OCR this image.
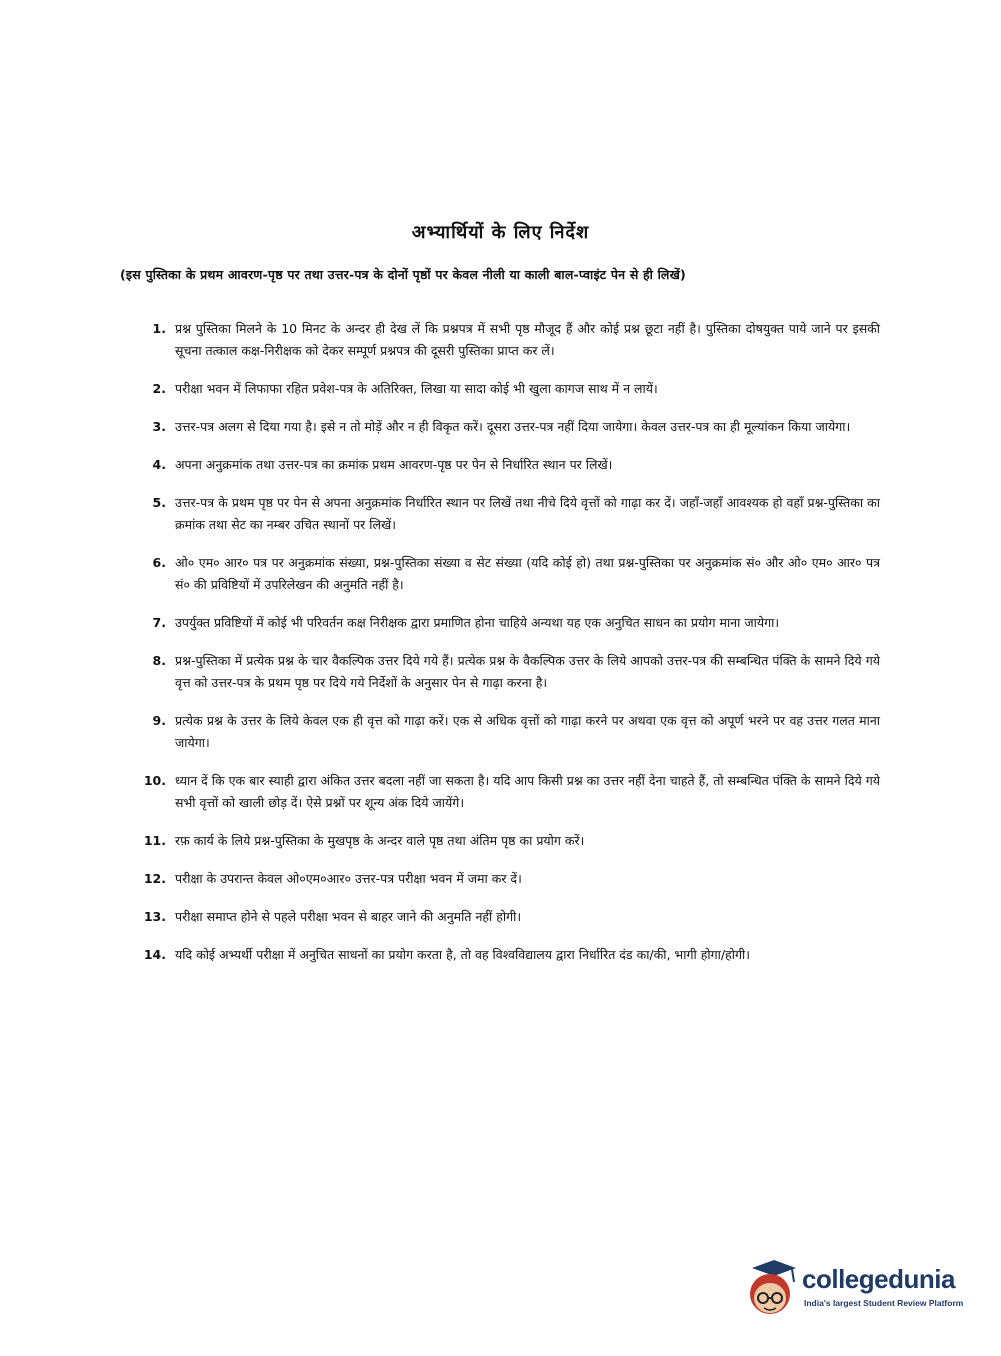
अभ्यार्थियों के लिए निर्देश
(इस पुस्तिका के प्रथम आवरण-पृष्ठ पर तथा उत्तर-पत्र के दोनों पृष्ठों पर केवल नीली या काली बाल-प्वाइंट पेन से ही लिखें)
1. प्रश्न पुस्तिका मिलने के 10 मिनट के अन्दर ही देख लें कि प्रश्नपत्र में सभी पृष्ठ मौजूद हैं और कोई प्रश्न छूटा नहीं है। पुस्तिका दोषयुक्त पाये जाने पर इसकी सूचना तत्काल कक्ष-निरीक्षक को देकर सम्पूर्ण प्रश्नपत्र की दूसरी पुस्तिका प्राप्त कर लें।
2. परीक्षा भवन में लिफाफा रहित प्रवेश-पत्र के अतिरिक्त, लिखा या सादा कोई भी खुला कागज साथ में न लायें।
3. उत्तर-पत्र अलग से दिया गया है। इसे न तो मोड़ें और न ही विकृत करें। दूसरा उत्तर-पत्र नहीं दिया जायेगा। केवल उत्तर-पत्र का ही मूल्यांकन किया जायेगा।
4. अपना अनुक्रमांक तथा उत्तर-पत्र का क्रमांक प्रथम आवरण-पृष्ठ पर पेन से निर्धारित स्थान पर लिखें।
5. उत्तर-पत्र के प्रथम पृष्ठ पर पेन से अपना अनुक्रमांक निर्धारित स्थान पर लिखें तथा नीचे दिये वृत्तों को गाढ़ा कर दें। जहाँ-जहाँ आवश्यक हो वहाँ प्रश्न-पुस्तिका का क्रमांक तथा सेट का नम्बर उचित स्थानों पर लिखें।
6. ओ० एम० आर० पत्र पर अनुक्रमांक संख्या, प्रश्न-पुस्तिका संख्या व सेट संख्या (यदि कोई हो) तथा प्रश्न-पुस्तिका पर अनुक्रमांक सं० और ओ० एम० आर० पत्र सं० की प्रविष्टियों में उपरिलेखन की अनुमति नहीं है।
7. उपर्युक्त प्रविष्टियों में कोई भी परिवर्तन कक्ष निरीक्षक द्वारा प्रमाणित होना चाहिये अन्यथा यह एक अनुचित साधन का प्रयोग माना जायेगा।
8. प्रश्न-पुस्तिका में प्रत्येक प्रश्न के चार वैकल्पिक उत्तर दिये गये हैं। प्रत्येक प्रश्न के वैकल्पिक उत्तर के लिये आपको उत्तर-पत्र की सम्बन्धित पंक्ति के सामने दिये गये वृत्त को उत्तर-पत्र के प्रथम पृष्ठ पर दिये गये निर्देशों के अनुसार पेन से गाढ़ा करना है।
9. प्रत्येक प्रश्न के उत्तर के लिये केवल एक ही वृत्त को गाढ़ा करें। एक से अधिक वृत्तों को गाढ़ा करने पर अथवा एक वृत्त को अपूर्ण भरने पर वह उत्तर गलत माना जायेगा।
10. ध्यान दें कि एक बार स्याही द्वारा अंकित उत्तर बदला नहीं जा सकता है। यदि आप किसी प्रश्न का उत्तर नहीं देना चाहते हैं, तो सम्बन्धित पंक्ति के सामने दिये गये सभी वृत्तों को खाली छोड़ दें। ऐसे प्रश्नों पर शून्य अंक दिये जायेंगे।
11. रफ़ कार्य के लिये प्रश्न-पुस्तिका के मुखपृष्ठ के अन्दर वाले पृष्ठ तथा अंतिम पृष्ठ का प्रयोग करें।
12. परीक्षा के उपरान्त केवल ओ०एम०आर० उत्तर-पत्र परीक्षा भवन में जमा कर दें।
13. परीक्षा समाप्त होने से पहले परीक्षा भवन से बाहर जाने की अनुमति नहीं होगी।
14. यदि कोई अभ्यर्थी परीक्षा में अनुचित साधनों का प्रयोग करता है, तो वह विश्वविद्यालय द्वारा निर्धारित दंड का/की, भागी होगा/होगी।
collegedunia
India's largest Student Review Platform
